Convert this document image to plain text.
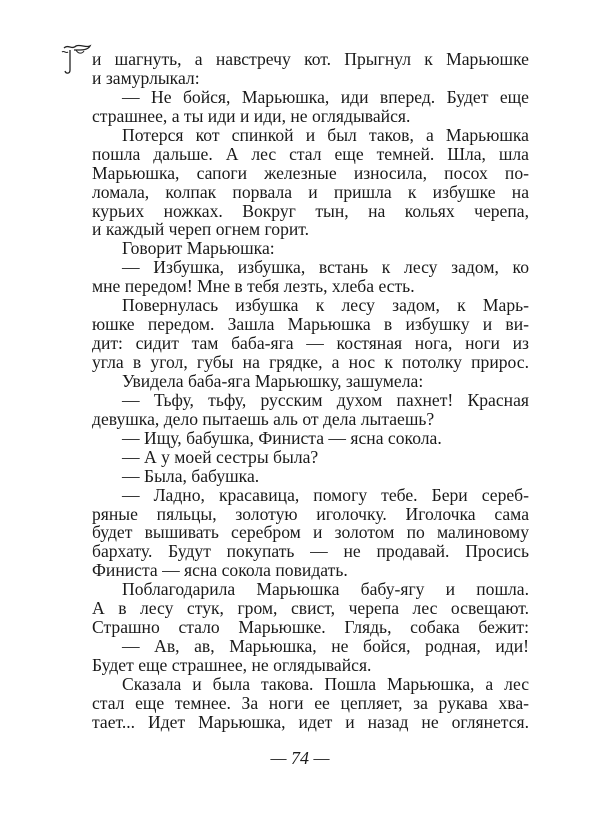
и шагнуть, а навстречу кот. Прыгнул к Марьюшке
и замурлыкал:
— Не бойся, Марьюшка, иди вперед. Будет еще
страшнее, а ты иди и иди, не оглядывайся.
Потерся кот спинкой и был таков, а Марьюшка
пошла дальше. А лес стал еще темней. Шла, шла
Марьюшка, сапоги железные износила, посох по-
ломала, колпак порвала и пришла к избушке на
курьих ножках. Вокруг тын, на кольях черепа,
и каждый череп огнем горит.
Говорит Марьюшка:
— Избушка, избушка, встань к лесу задом, ко
мне передом! Мне в тебя лезть, хлеба есть.
Повернулась избушка к лесу задом, к Марь-
юшке передом. Зашла Марьюшка в избушку и ви-
дит: сидит там баба-яга — костяная нога, ноги из
угла в угол, губы на грядке, а нос к потолку прирос.
Увидела баба-яга Марьюшку, зашумела:
— Тьфу, тьфу, русским духом пахнет! Красная
девушка, дело пытаешь аль от дела лытаешь?
— Ищу, бабушка, Финиста — ясна сокола.
— А у моей сестры была?
— Была, бабушка.
— Ладно, красавица, помогу тебе. Бери сереб-
ряные пяльцы, золотую иголочку. Иголочка сама
будет вышивать серебром и золотом по малиновому
бархату. Будут покупать — не продавай. Просись
Финиста — ясна сокола повидать.
Поблагодарила Марьюшка бабу-ягу и пошла.
А в лесу стук, гром, свист, черепа лес освещают.
Страшно стало Марьюшке. Глядь, собака бежит:
— Ав, ав, Марьюшка, не бойся, родная, иди!
Будет еще страшнее, не оглядывайся.
Сказала и была такова. Пошла Марьюшка, а лес
стал еще темнее. За ноги ее цепляет, за рукава хва-
тает... Идет Марьюшка, идет и назад не оглянется.
— 74 —
